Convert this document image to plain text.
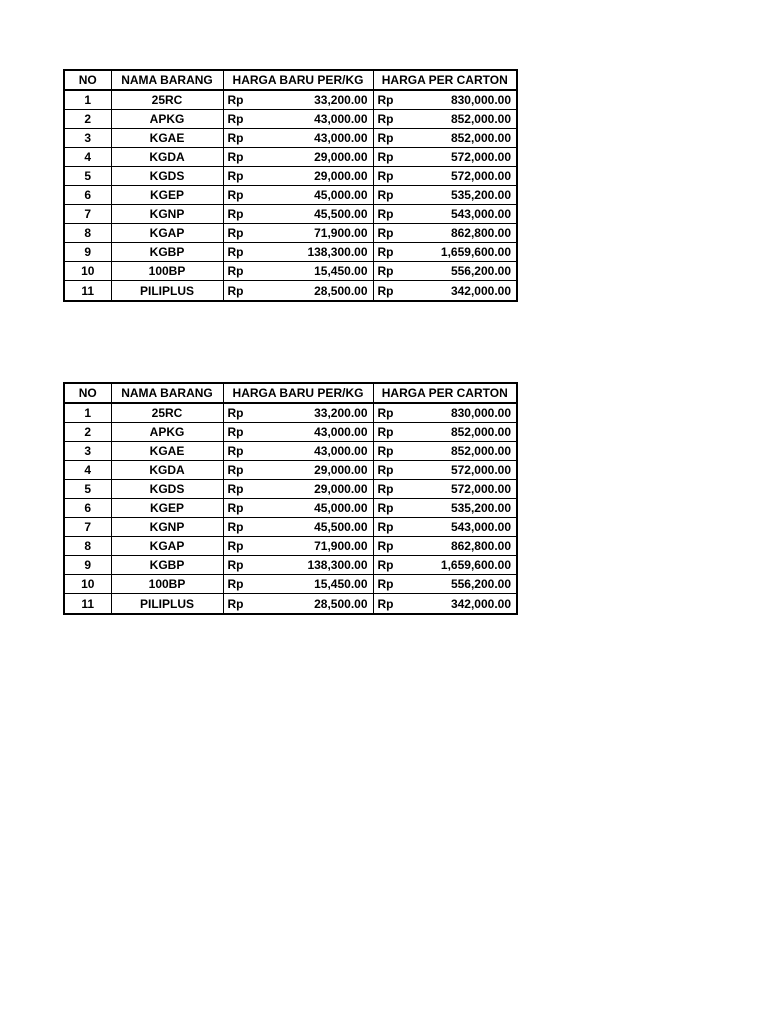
NO	NAMA BARANG	HARGA BARU PER/KG	HARGA PER CARTON
1	25RC	Rp 33,200.00	Rp 830,000.00

2	APKG	Rp 43,000.00	Rp 852,000.00

3	KGAE	Rp 43,000.00	Rp 852,000.00

4	KGDA	Rp 29,000.00	Rp 572,000.00

5	KGDS	Rp 29,000.00	Rp 572,000.00

6	KGEP	Rp 45,000.00	Rp 535,200.00

7	KGNP	Rp 45,500.00	Rp 543,000.00

8	KGAP	Rp 71,900.00	Rp 862,800.00

9	KGBP	Rp 138,300.00	Rp 1,659,600.00

10	100BP	Rp 15,450.00	Rp 556,200.00

11	PILIPLUS	Rp 28,500.00	Rp 342,000.00
NO	NAMA BARANG	HARGA BARU PER/KG	HARGA PER CARTON
1	25RC	Rp 33,200.00	Rp 830,000.00

2	APKG	Rp 43,000.00	Rp 852,000.00

3	KGAE	Rp 43,000.00	Rp 852,000.00

4	KGDA	Rp 29,000.00	Rp 572,000.00

5	KGDS	Rp 29,000.00	Rp 572,000.00

6	KGEP	Rp 45,000.00	Rp 535,200.00

7	KGNP	Rp 45,500.00	Rp 543,000.00

8	KGAP	Rp 71,900.00	Rp 862,800.00

9	KGBP	Rp 138,300.00	Rp 1,659,600.00

10	100BP	Rp 15,450.00	Rp 556,200.00

11	PILIPLUS	Rp 28,500.00	Rp 342,000.00
